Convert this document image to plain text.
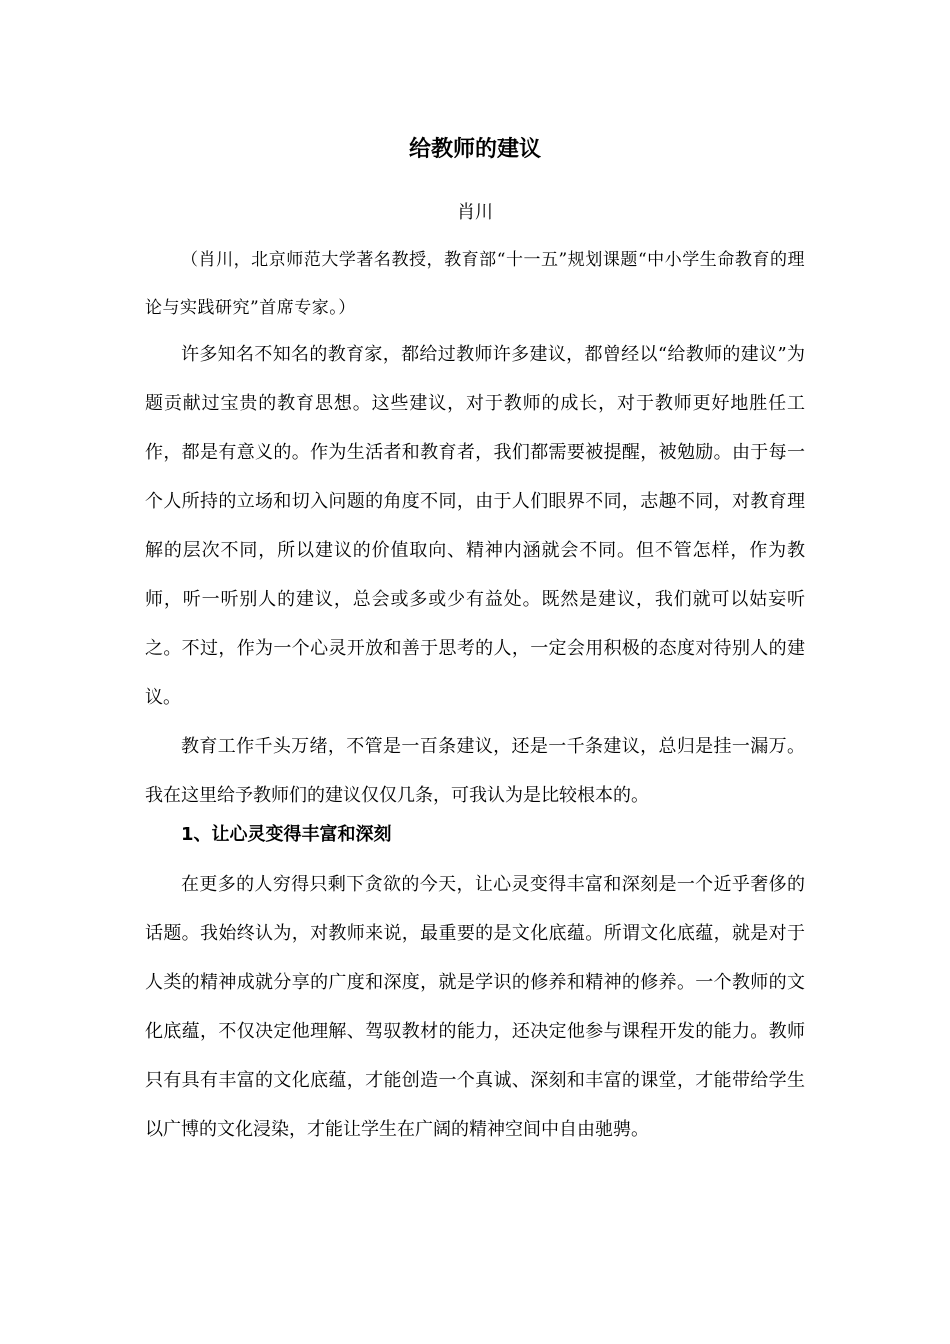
给教师的建议

肖川

（肖川，北京师范大学著名教授，教育部“十一五”规划课题“中小学生命教育的理论与实践研究”首席专家。）

许多知名不知名的教育家，都给过教师许多建议，都曾经以“给教师的建议”为题贡献过宝贵的教育思想。这些建议，对于教师的成长，对于教师更好地胜任工作，都是有意义的。作为生活者和教育者，我们都需要被提醒，被勉励。由于每一个人所持的立场和切入问题的角度不同，由于人们眼界不同，志趣不同，对教育理解的层次不同，所以建议的价值取向、精神内涵就会不同。但不管怎样，作为教师，听一听别人的建议，总会或多或少有益处。既然是建议，我们就可以姑妄听之。不过，作为一个心灵开放和善于思考的人，一定会用积极的态度对待别人的建议。

教育工作千头万绪，不管是一百条建议，还是一千条建议，总归是挂一漏万。我在这里给予教师们的建议仅仅几条，可我认为是比较根本的。

1、让心灵变得丰富和深刻

在更多的人穷得只剩下贪欲的今天，让心灵变得丰富和深刻是一个近乎奢侈的话题。我始终认为，对教师来说，最重要的是文化底蕴。所谓文化底蕴，就是对于人类的精神成就分享的广度和深度，就是学识的修养和精神的修养。一个教师的文化底蕴，不仅决定他理解、驾驭教材的能力，还决定他参与课程开发的能力。教师只有具有丰富的文化底蕴，才能创造一个真诚、深刻和丰富的课堂，才能带给学生以广博的文化浸染，才能让学生在广阔的精神空间中自由驰骋。
